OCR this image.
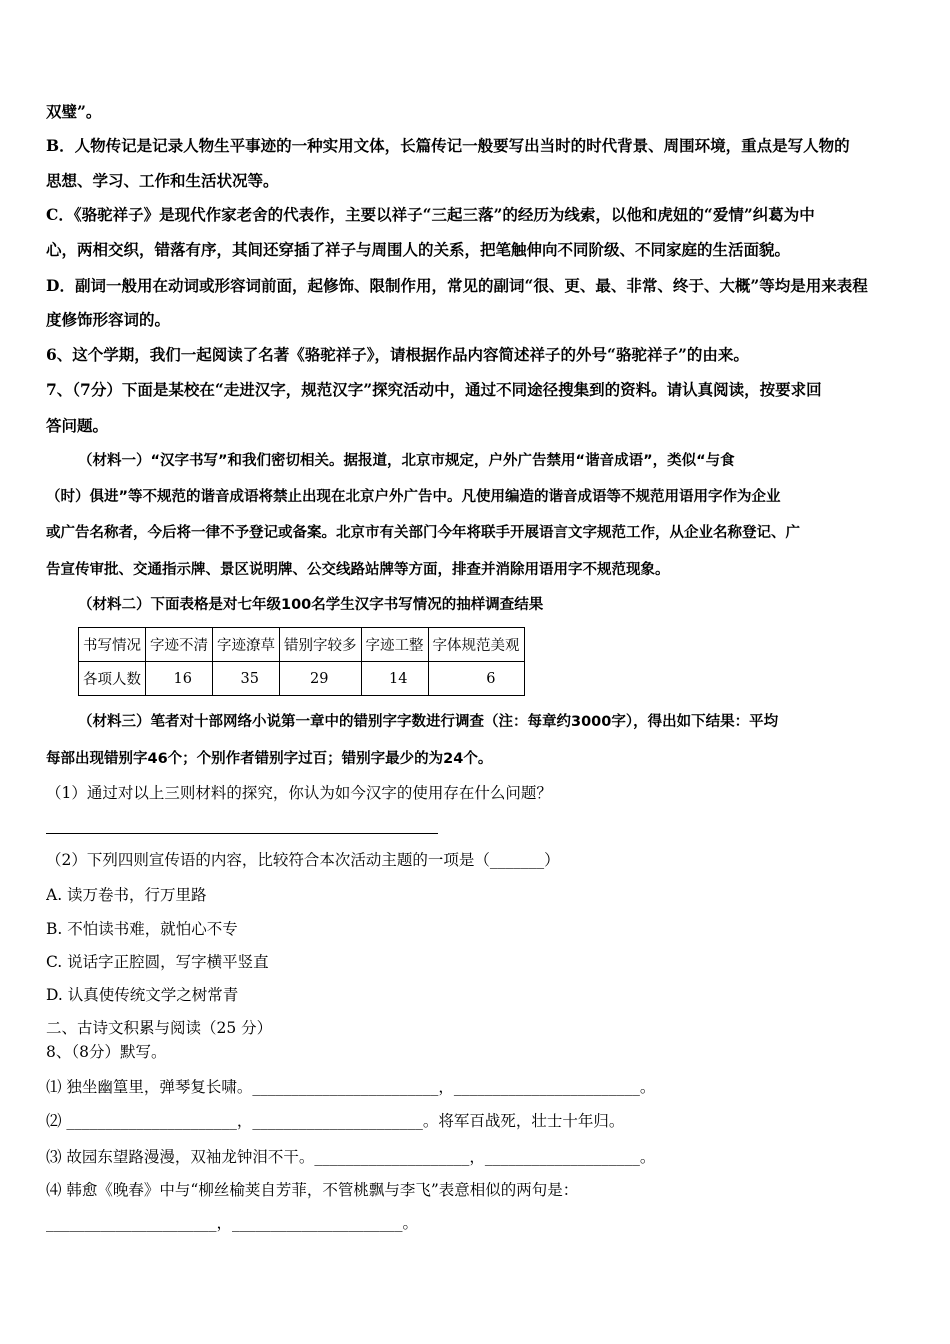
双璧”。
B．人物传记是记录人物生平事迹的一种实用文体，长篇传记一般要写出当时的时代背景、周围环境，重点是写人物的
思想、学习、工作和生活状况等。
C．《骆驼祥子》是现代作家老舍的代表作，主要以祥子“三起三落”的经历为线索，以他和虎妞的“爱情”纠葛为中
心，两相交织，错落有序，其间还穿插了祥子与周围人的关系，把笔触伸向不同阶级、不同家庭的生活面貌。
D．副词一般用在动词或形容词前面，起修饰、限制作用，常见的副词“很、更、最、非常、终于、大概”等均是用来表程
度修饰形容词的。
6、这个学期，我们一起阅读了名著《骆驼祥子》，请根据作品内容简述祥子的外号“骆驼祥子”的由来。
7、（7分）下面是某校在“走进汉字，规范汉字”探究活动中，通过不同途径搜集到的资料。请认真阅读，按要求回
答问题。
（材料一）“汉字书写”和我们密切相关。据报道，北京市规定，户外广告禁用“谐音成语”，类似“与食
（时）俱进”等不规范的谐音成语将禁止出现在北京户外广告中。凡使用编造的谐音成语等不规范用语用字作为企业
或广告名称者，今后将一律不予登记或备案。北京市有关部门今年将联手开展语言文字规范工作，从企业名称登记、广
告宣传审批、交通指示牌、景区说明牌、公交线路站牌等方面，排查并消除用语用字不规范现象。
（材料二）下面表格是对七年级100名学生汉字书写情况的抽样调查结果
书写情况	字迹不清	字迹潦草	错别字较多	字迹工整	字体规范美观
各项人数	16	35	29	14	6
（材料三）笔者对十部网络小说第一章中的错别字字数进行调查（注：每章约3000字），得出如下结果：平均
每部出现错别字46个；个别作者错别字过百；错别字最少的为24个。
（1）通过对以上三则材料的探究，你认为如今汉字的使用存在什么问题？
（2）下列四则宣传语的内容，比较符合本次活动主题的一项是（_______）
A. 读万卷书，行万里路
B. 不怕读书难，就怕心不专
C. 说话字正腔圆，写字横平竖直
D. 认真使传统文学之树常青
二、古诗文积累与阅读（25 分）
8、（8分）默写。
⑴ 独坐幽篁里，弹琴复长啸。________________________，________________________。
⑵ ______________________，______________________。将军百战死，壮士十年归。
⑶ 故园东望路漫漫，双袖龙钟泪不干。____________________，____________________。
⑷ 韩愈《晚春》中与“柳丝榆荚自芳菲，不管桃飘与李飞”表意相似的两句是：
______________________，______________________。
